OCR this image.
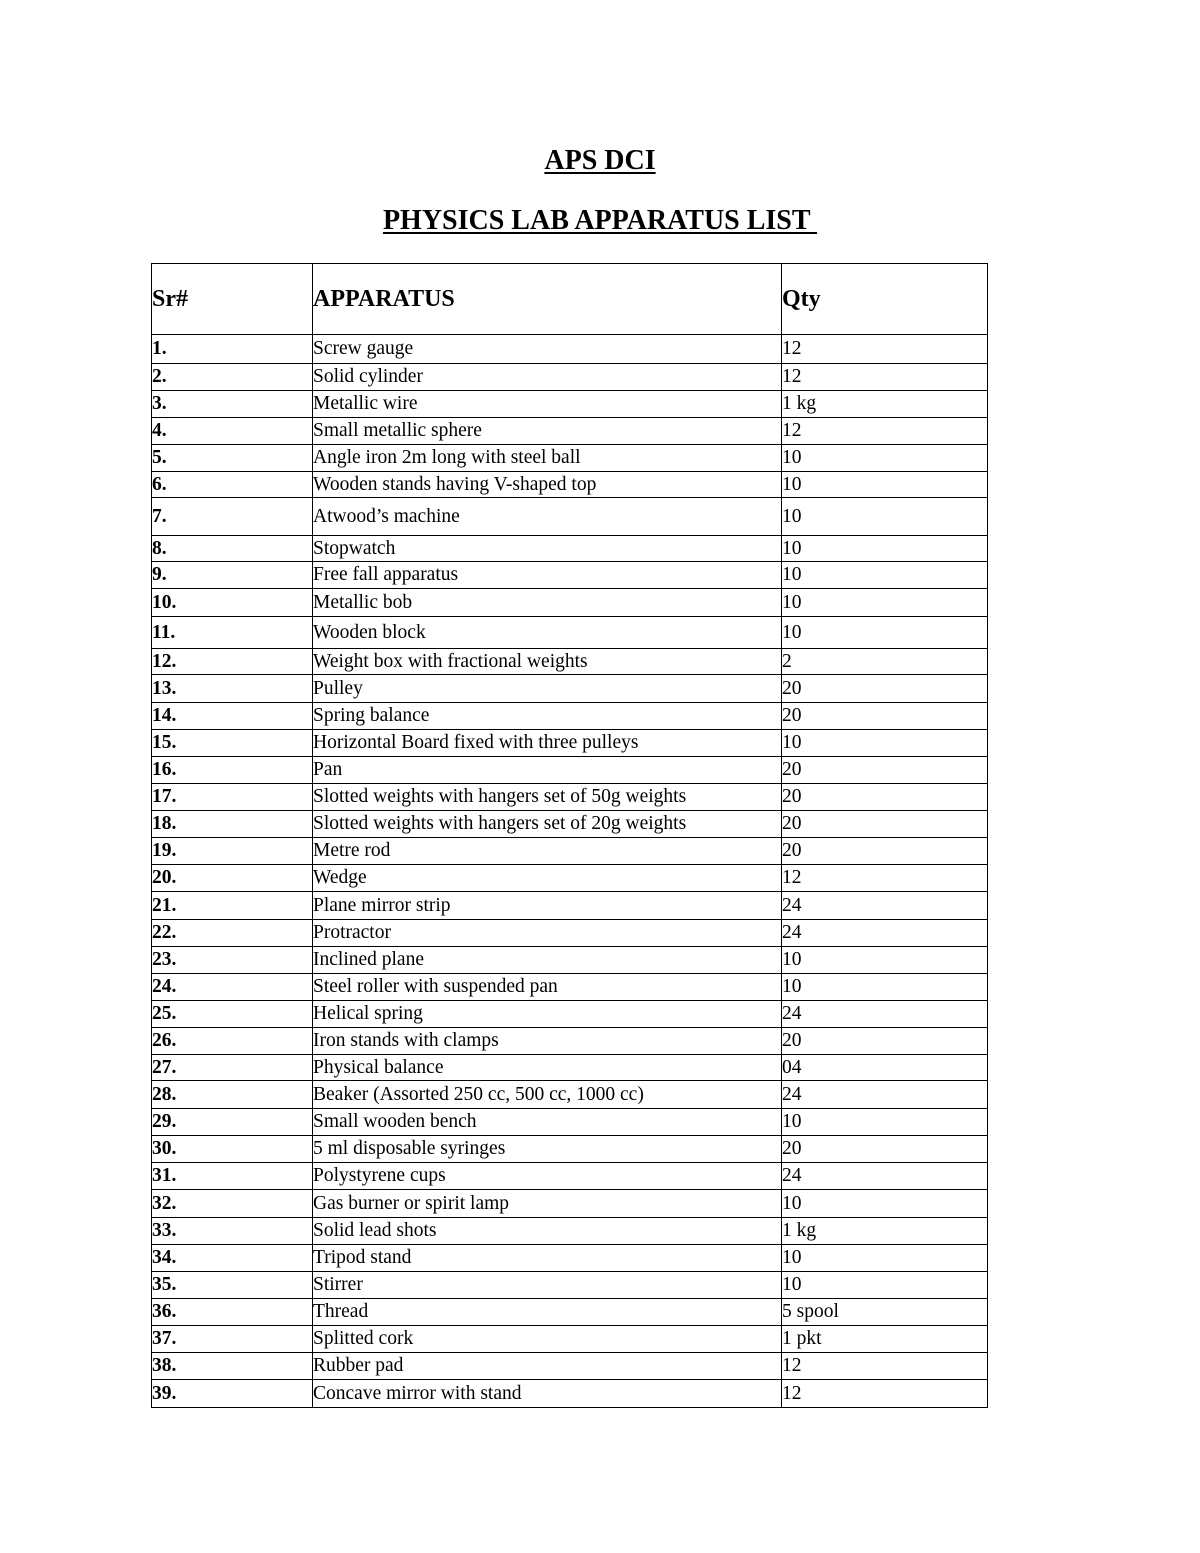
APS DCI
PHYSICS LAB APPARATUS LIST
Sr#	APPARATUS	Qty
1.	Screw gauge	12
2.	Solid cylinder	12
3.	Metallic wire	1 kg
4.	Small metallic sphere	12
5.	Angle iron 2m long with steel ball	10
6.	Wooden stands having V-shaped top	10
7.	Atwood’s machine	10
8.	Stopwatch	10
9.	Free fall apparatus	10
10.	Metallic bob	10
11.	Wooden block	10
12.	Weight box with fractional weights	2
13.	Pulley	20
14.	Spring balance	20
15.	Horizontal Board fixed with three pulleys	10
16.	Pan	20
17.	Slotted weights with hangers set of 50g weights	20
18.	Slotted weights with hangers set of 20g weights	20
19.	Metre rod	20
20.	Wedge	12
21.	Plane mirror strip	24
22.	Protractor	24
23.	Inclined plane	10
24.	Steel roller with suspended pan	10
25.	Helical spring	24
26.	Iron stands with clamps	20
27.	Physical balance	04
28.	Beaker (Assorted 250 cc, 500 cc, 1000 cc)	24
29.	Small wooden bench	10
30.	5 ml disposable syringes	20
31.	Polystyrene cups	24
32.	Gas burner or spirit lamp	10
33.	Solid lead shots	1 kg
34.	Tripod stand	10
35.	Stirrer	10
36.	Thread	5 spool
37.	Splitted cork	1 pkt
38.	Rubber pad	12
39.	Concave mirror with stand	12
